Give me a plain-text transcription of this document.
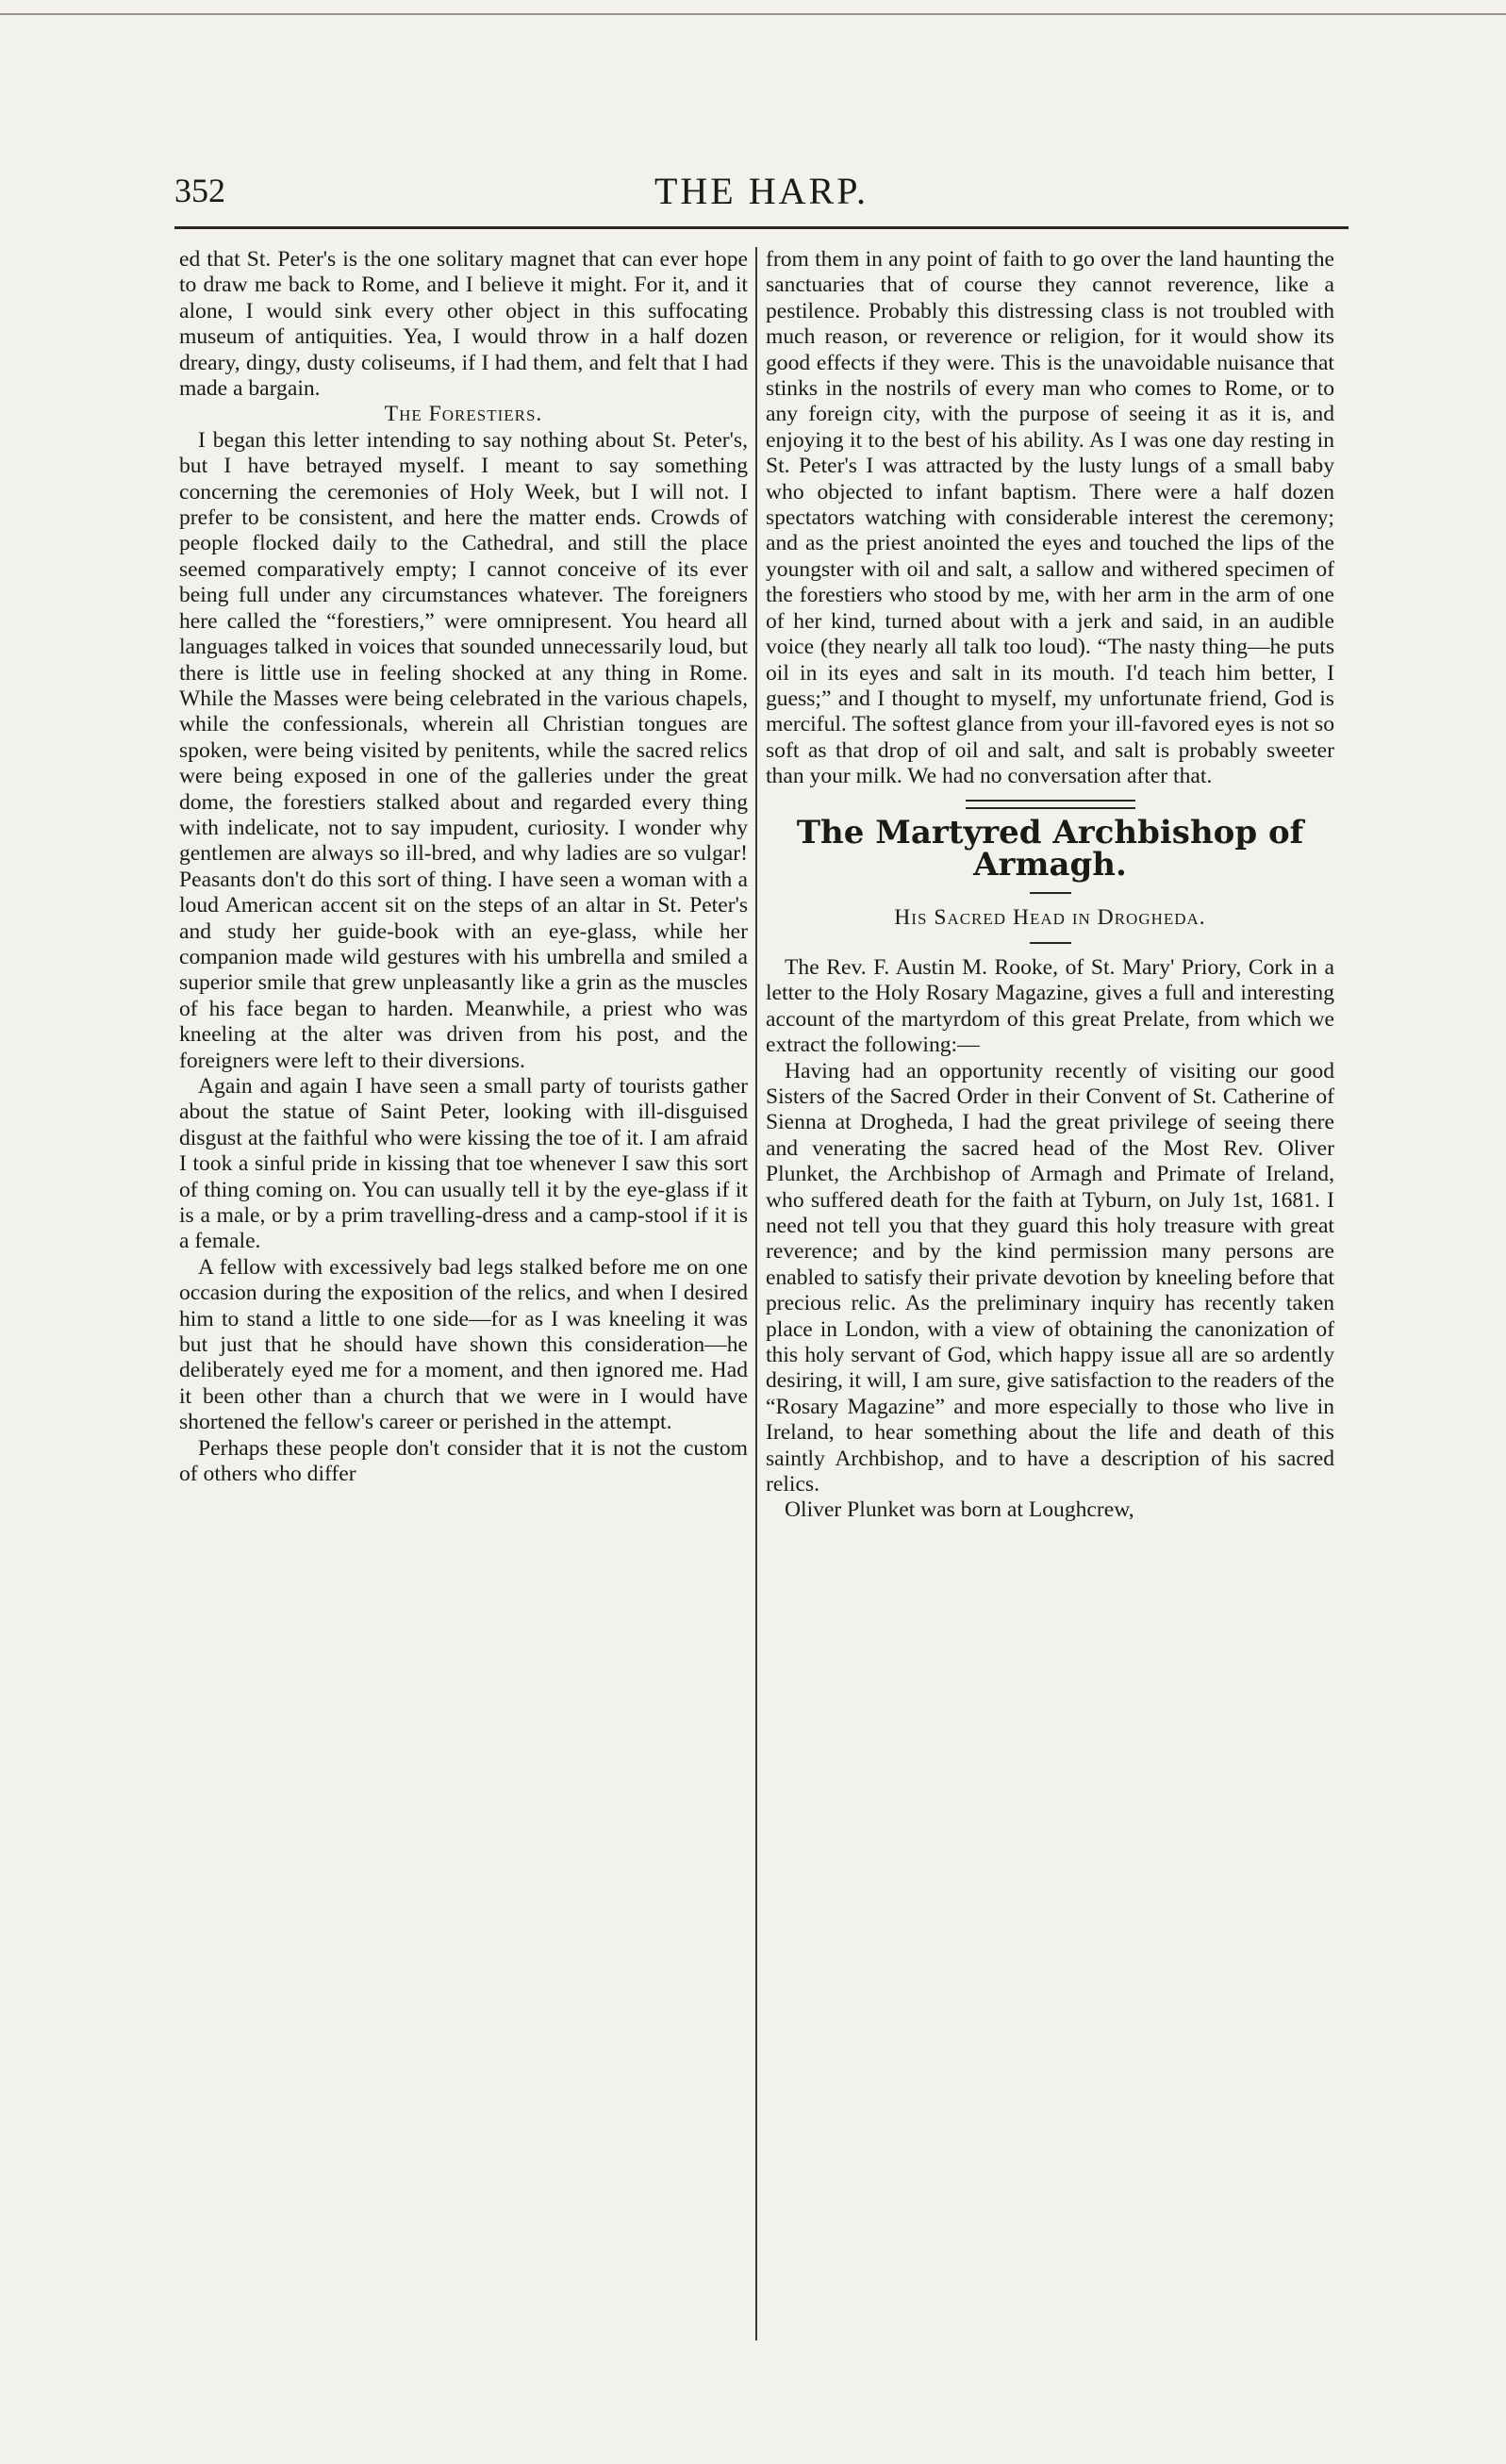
352	THE HARP.

ed that St. Peter's is the one solitary magnet that can ever hope to draw me back to Rome, and I believe it might. For it, and it alone, I would sink every other object in this suffocating museum of antiquities. Yea, I would throw in a half dozen dreary, dingy, dusty coliseums, if I had them, and felt that I had made a bargain.

The Forestiers.

I began this letter intending to say nothing about St. Peter's, but I have betrayed myself. I meant to say something concerning the ceremonies of Holy Week, but I will not. I prefer to be consistent, and here the matter ends. Crowds of people flocked daily to the Cathedral, and still the place seemed comparatively empty; I cannot conceive of its ever being full under any circumstances whatever. The foreigners here called the “forestiers,” were omnipresent. You heard all languages talked in voices that sounded unnecessarily loud, but there is little use in feeling shocked at any thing in Rome. While the Masses were being celebrated in the various chapels, while the confessionals, wherein all Christian tongues are spoken, were being visited by penitents, while the sacred relics were being exposed in one of the galleries under the great dome, the forestiers stalked about and regarded every thing with indelicate, not to say impudent, curiosity. I wonder why gentlemen are always so ill-bred, and why ladies are so vulgar! Peasants don't do this sort of thing. I have seen a woman with a loud American accent sit on the steps of an altar in St. Peter's and study her guide-book with an eye-glass, while her companion made wild gestures with his umbrella and smiled a superior smile that grew unpleasantly like a grin as the muscles of his face began to harden. Meanwhile, a priest who was kneeling at the alter was driven from his post, and the foreigners were left to their diversions.

Again and again I have seen a small party of tourists gather about the statue of Saint Peter, looking with ill-disguised disgust at the faithful who were kissing the toe of it. I am afraid I took a sinful pride in kissing that toe whenever I saw this sort of thing coming on. You can usually tell it by the eye-glass if it is a male, or by a prim travelling-dress and a camp-stool if it is a female.

A fellow with excessively bad legs stalked before me on one occasion during the exposition of the relics, and when I desired him to stand a little to one side—for as I was kneeling it was but just that he should have shown this consideration—he deliberately eyed me for a moment, and then ignored me. Had it been other than a church that we were in I would have shortened the fellow's career or perished in the attempt.

Perhaps these people don't consider that it is not the custom of others who differ

from them in any point of faith to go over the land haunting the sanctuaries that of course they cannot reverence, like a pestilence. Probably this distressing class is not troubled with much reason, or reverence or religion, for it would show its good effects if they were. This is the unavoidable nuisance that stinks in the nostrils of every man who comes to Rome, or to any foreign city, with the purpose of seeing it as it is, and enjoying it to the best of his ability. As I was one day resting in St. Peter's I was attracted by the lusty lungs of a small baby who objected to infant baptism. There were a half dozen spectators watching with considerable interest the ceremony; and as the priest anointed the eyes and touched the lips of the youngster with oil and salt, a sallow and withered specimen of the forestiers who stood by me, with her arm in the arm of one of her kind, turned about with a jerk and said, in an audible voice (they nearly all talk too loud). “The nasty thing—he puts oil in its eyes and salt in its mouth. I'd teach him better, I guess;” and I thought to myself, my unfortunate friend, God is merciful. The softest glance from your ill-favored eyes is not so soft as that drop of oil and salt, and salt is probably sweeter than your milk. We had no conversation after that.

The Martyred Archbishop of Armagh.

His Sacred Head in Drogheda.

The Rev. F. Austin M. Rooke, of St. Mary' Priory, Cork in a letter to the Holy Rosary Magazine, gives a full and interesting account of the martyrdom of this great Prelate, from which we extract the following:—

Having had an opportunity recently of visiting our good Sisters of the Sacred Order in their Convent of St. Catherine of Sienna at Drogheda, I had the great privilege of seeing there and venerating the sacred head of the Most Rev. Oliver Plunket, the Archbishop of Armagh and Primate of Ireland, who suffered death for the faith at Tyburn, on July 1st, 1681. I need not tell you that they guard this holy treasure with great reverence; and by the kind permission many persons are enabled to satisfy their private devotion by kneeling before that precious relic. As the preliminary inquiry has recently taken place in London, with a view of obtaining the canonization of this holy servant of God, which happy issue all are so ardently desiring, it will, I am sure, give satisfaction to the readers of the “Rosary Magazine” and more especially to those who live in Ireland, to hear something about the life and death of this saintly Archbishop, and to have a description of his sacred relics.

Oliver Plunket was born at Loughcrew,
